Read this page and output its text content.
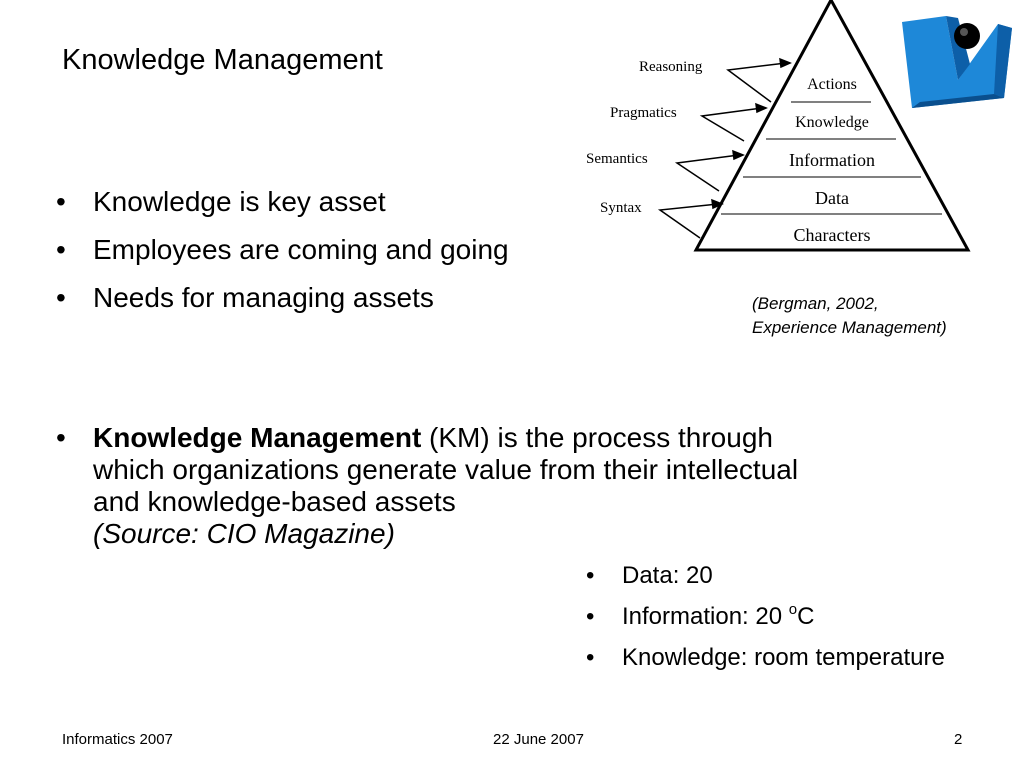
Knowledge Management
• Knowledge is key asset
• Employees are coming and going
• Needs for managing assets
• Knowledge Management (KM) is the process through
which organizations generate value from their intellectual
and knowledge-based assets
(Source: CIO Magazine)
• Data: 20
• Information: 20 $^o$C
• Knowledge: room temperature
Actions
Knowledge
Information
Data
Characters
Reasoning
Pragmatics
Semantics
Syntax
(Bergman, 2002,
Experience Management)
Informatics 2007	22 June 2007	2
